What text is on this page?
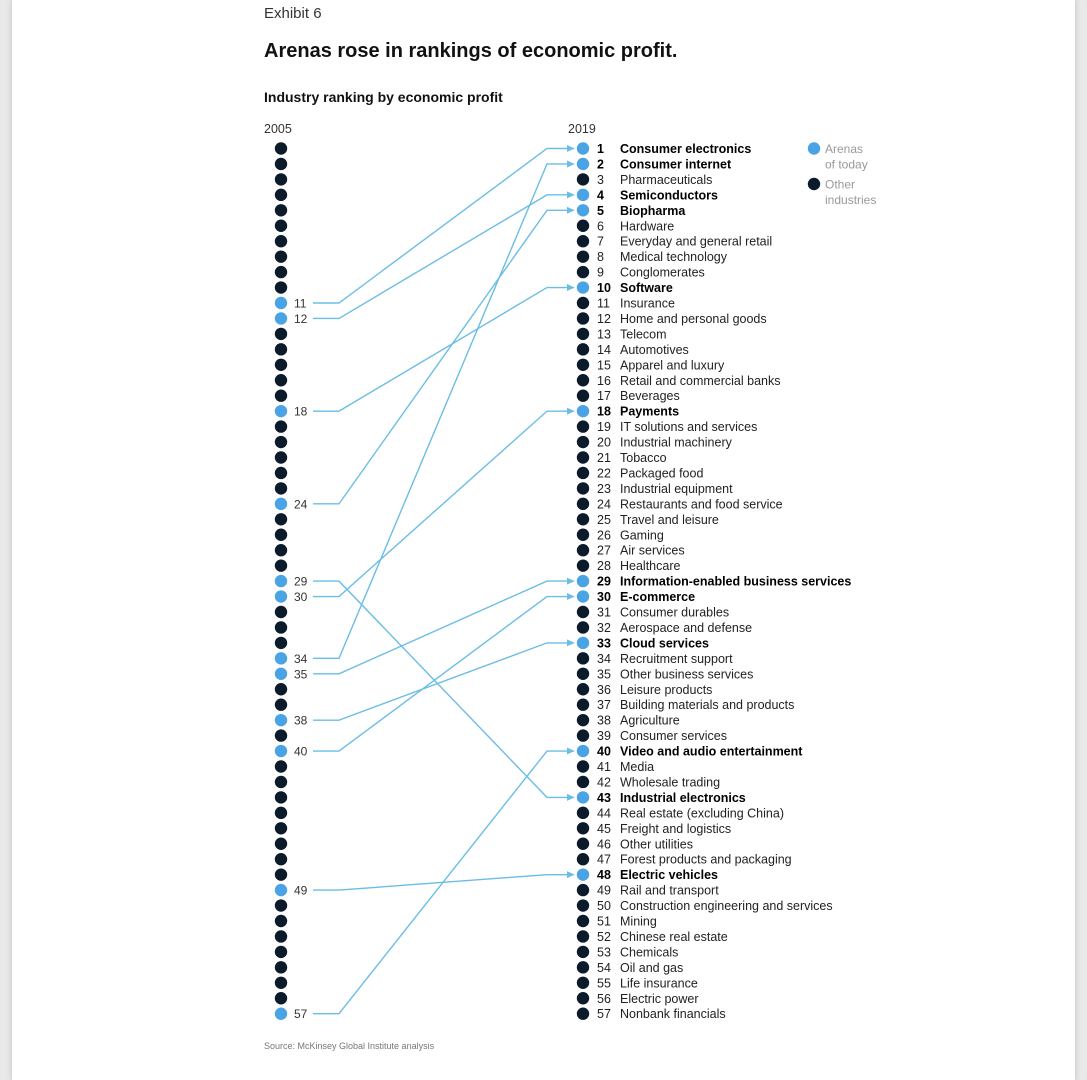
Exhibit 6
Arenas rose in rankings of economic profit.
Industry ranking by economic profit
2005	2019
1 Consumer electronics
2 Consumer internet
3 Pharmaceuticals
4 Semiconductors
5 Biopharma
6 Hardware
7 Everyday and general retail
8 Medical technology
9 Conglomerates
10 Software
11 Insurance
12 Home and personal goods
13 Telecom
14 Automotives
15 Apparel and luxury
16 Retail and commercial banks
17 Beverages
18 Payments
19 IT solutions and services
20 Industrial machinery
21 Tobacco
22 Packaged food
23 Industrial equipment
24 Restaurants and food service
25 Travel and leisure
26 Gaming
27 Air services
28 Healthcare
29 Information-enabled business services
30 E-commerce
31 Consumer durables
32 Aerospace and defense
33 Cloud services
34 Recruitment support
35 Other business services
36 Leisure products
37 Building materials and products
38 Agriculture
39 Consumer services
40 Video and audio entertainment
41 Media
42 Wholesale trading
43 Industrial electronics
44 Real estate (excluding China)
45 Freight and logistics
46 Other utilities
47 Forest products and packaging
48 Electric vehicles
49 Rail and transport
50 Construction engineering and services
51 Mining
52 Chinese real estate
53 Chemicals
54 Oil and gas
55 Life insurance
56 Electric power
57 Nonbank financials
11
12
18
24
29
30
34
35
38
40
49
57
Arenas
of today
Other
industries
Source: McKinsey Global Institute analysis
